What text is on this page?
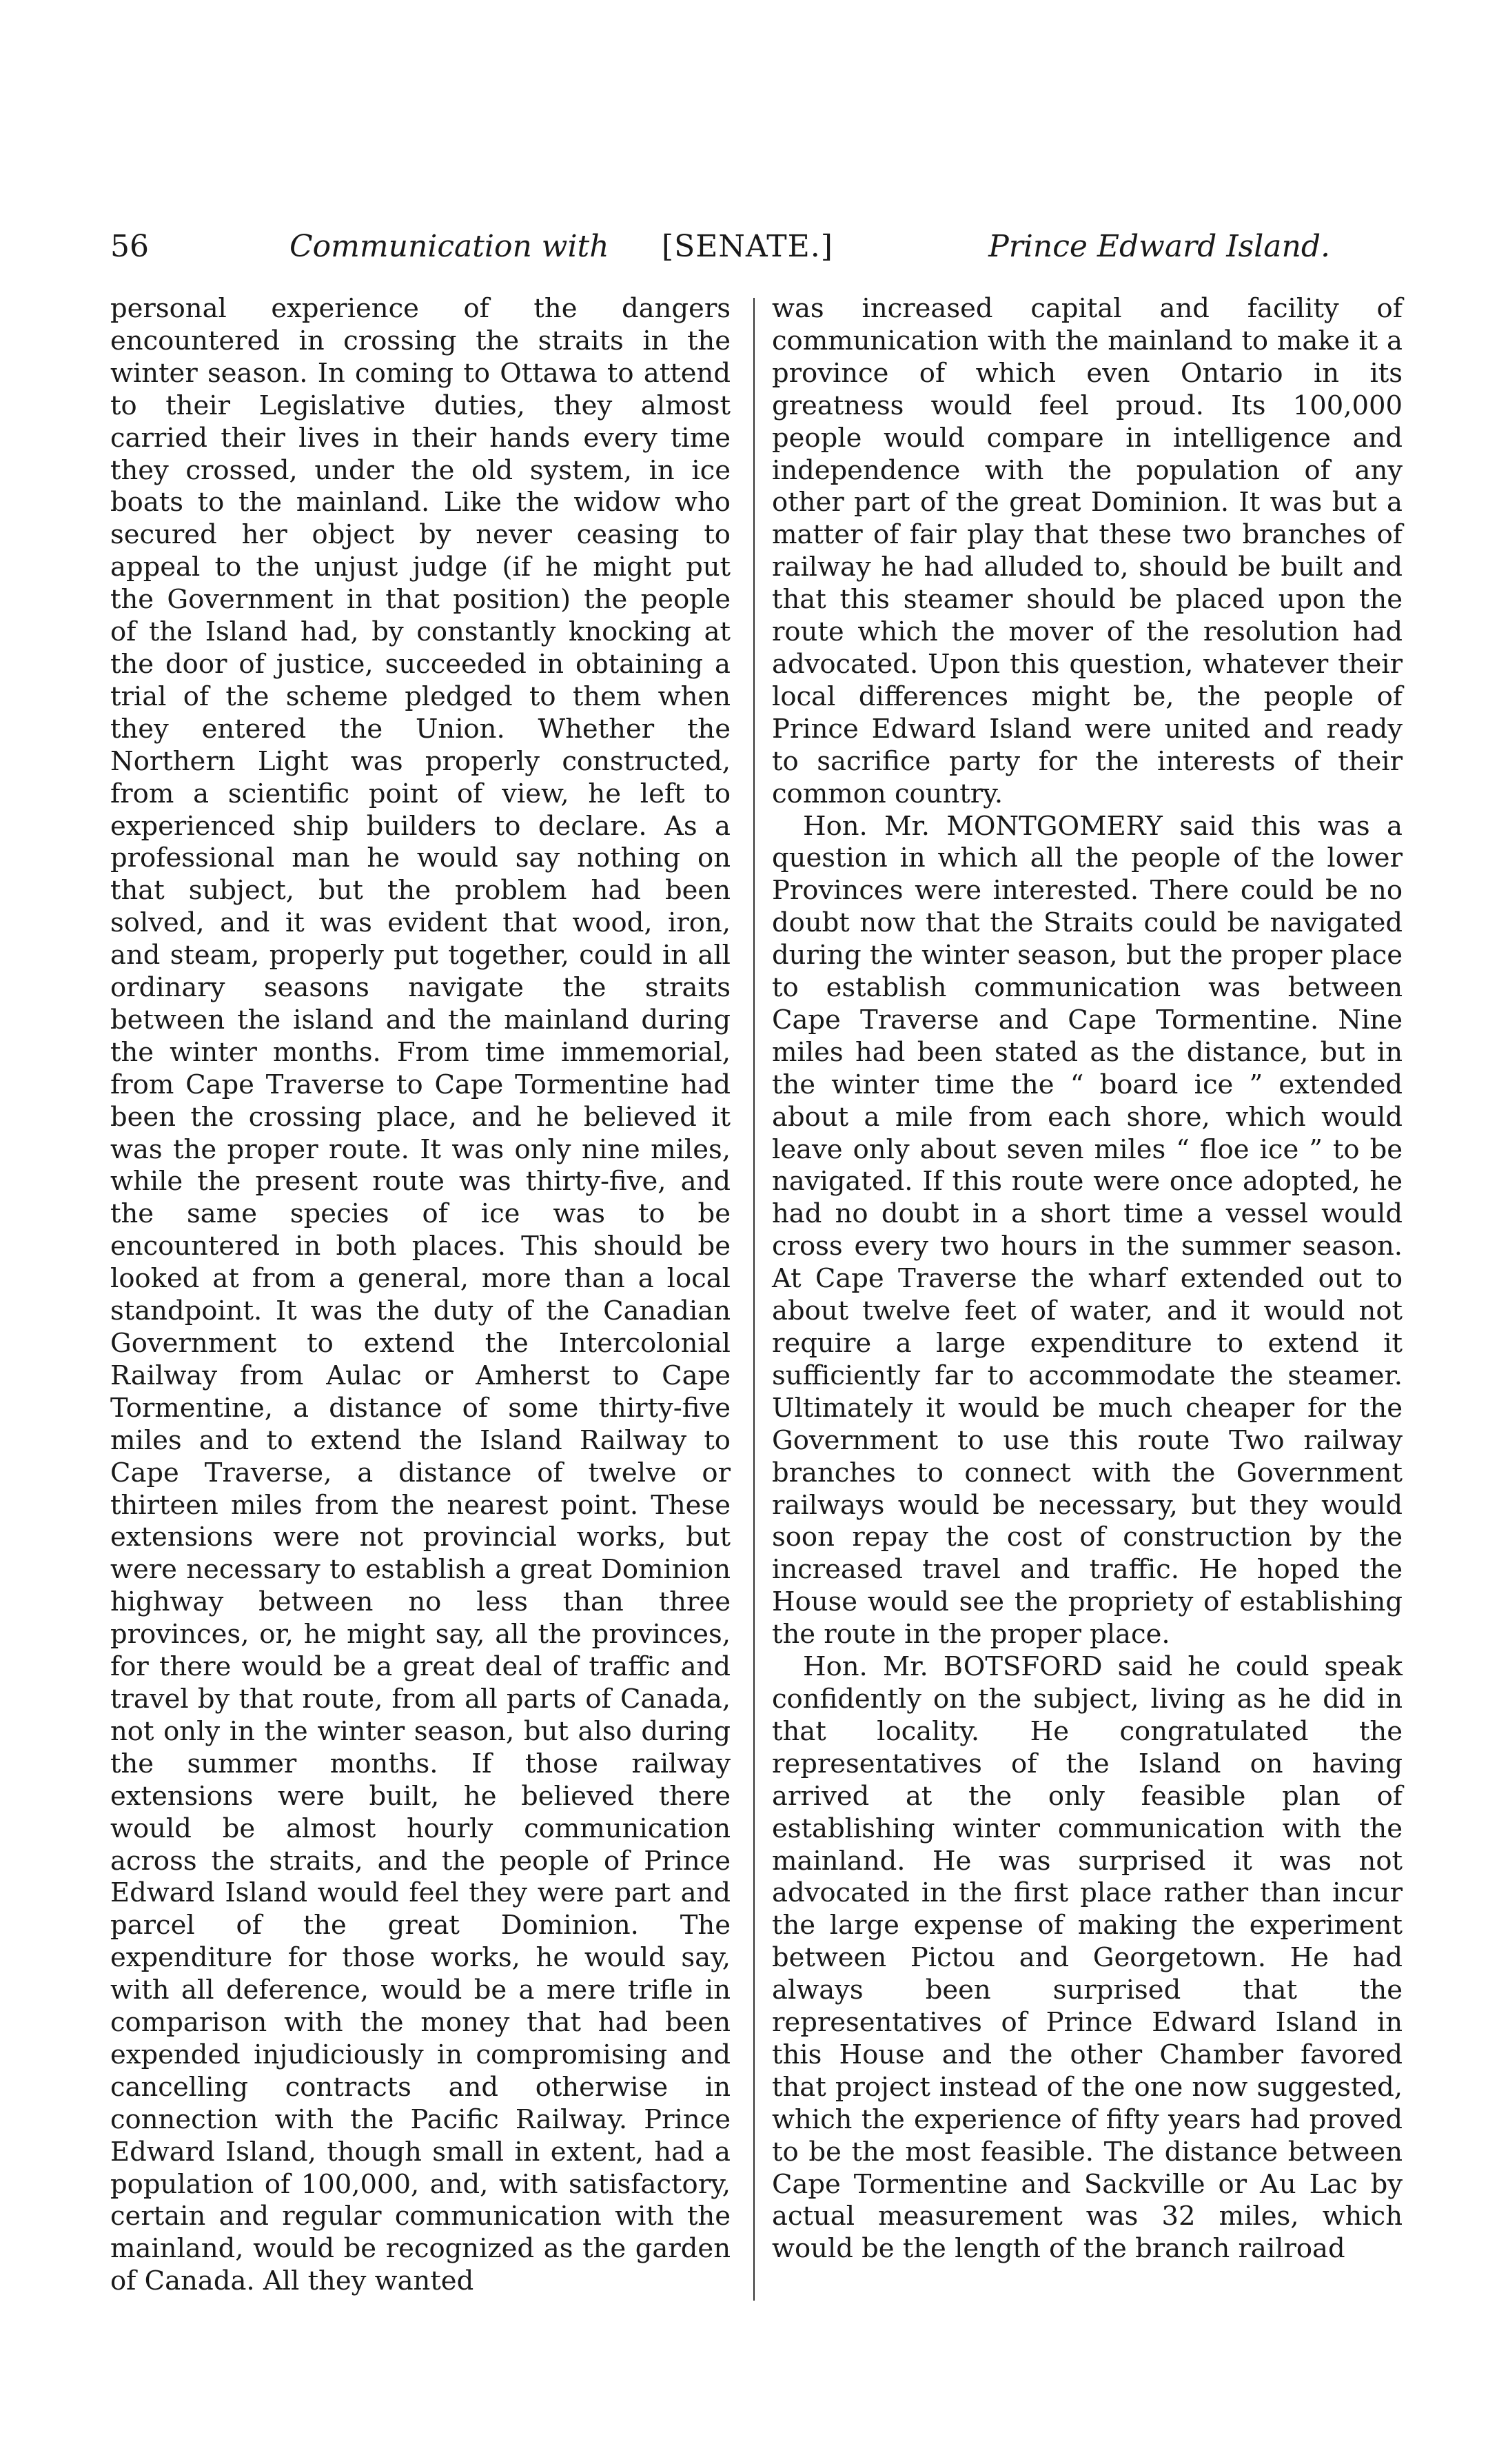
56	Communication with [SENATE.]	Prince Edward Island.

personal experience of the dangers encountered in crossing the straits in the winter season. In coming to Ottawa to attend to their Legislative duties, they almost carried their lives in their hands every time they crossed, under the old system, in ice boats to the mainland. Like the widow who secured her object by never ceasing to appeal to the unjust judge (if he might put the Government in that position) the people of the Island had, by constantly knocking at the door of justice, succeeded in obtaining a trial of the scheme pledged to them when they entered the Union. Whether the Northern Light was properly constructed, from a scientific point of view, he left to experienced ship builders to declare. As a professional man he would say nothing on that subject, but the problem had been solved, and it was evident that wood, iron, and steam, properly put together, could in all ordinary seasons navigate the straits between the island and the mainland during the winter months. From time immemorial, from Cape Traverse to Cape Tormentine had been the crossing place, and he believed it was the proper route. It was only nine miles, while the present route was thirty-five, and the same species of ice was to be encountered in both places. This should be looked at from a general, more than a local standpoint. It was the duty of the Canadian Government to extend the Intercolonial Railway from Aulac or Amherst to Cape Tormentine, a distance of some thirty-five miles and to extend the Island Railway to Cape Traverse, a distance of twelve or thirteen miles from the nearest point. These extensions were not provincial works, but were necessary to establish a great Dominion highway between no less than three provinces, or, he might say, all the provinces, for there would be a great deal of traffic and travel by that route, from all parts of Canada, not only in the winter season, but also during the summer months. If those railway extensions were built, he believed there would be almost hourly communication across the straits, and the people of Prince Edward Island would feel they were part and parcel of the great Dominion. The expenditure for those works, he would say, with all deference, would be a mere trifle in comparison with the money that had been expended injudiciously in compromising and cancelling contracts and otherwise in connection with the Pacific Railway. Prince Edward Island, though small in extent, had a population of 100,000, and, with satisfactory, certain and regular communication with the mainland, would be recognized as the garden of Canada. All they wanted

was increased capital and facility of communication with the mainland to make it a province of which even Ontario in its greatness would feel proud. Its 100,000 people would compare in intelligence and independence with the population of any other part of the great Dominion. It was but a matter of fair play that these two branches of railway he had alluded to, should be built and that this steamer should be placed upon the route which the mover of the resolution had advocated. Upon this question, whatever their local differences might be, the people of Prince Edward Island were united and ready to sacrifice party for the interests of their common country.

Hon. Mr. MONTGOMERY said this was a question in which all the people of the lower Provinces were interested. There could be no doubt now that the Straits could be navigated during the winter season, but the proper place to establish communication was between Cape Traverse and Cape Tormentine. Nine miles had been stated as the distance, but in the winter time the “ board ice ” extended about a mile from each shore, which would leave only about seven miles “ floe ice ” to be navigated. If this route were once adopted, he had no doubt in a short time a vessel would cross every two hours in the summer season. At Cape Traverse the wharf extended out to about twelve feet of water, and it would not require a large expenditure to extend it sufficiently far to accommodate the steamer. Ultimately it would be much cheaper for the Government to use this route Two railway branches to connect with the Government railways would be necessary, but they would soon repay the cost of construction by the increased travel and traffic. He hoped the House would see the propriety of establishing the route in the proper place.

Hon. Mr. BOTSFORD said he could speak confidently on the subject, living as he did in that locality. He congratulated the representatives of the Island on having arrived at the only feasible plan of establishing winter communication with the mainland. He was surprised it was not advocated in the first place rather than incur the large expense of making the experiment between Pictou and Georgetown. He had always been surprised that the representatives of Prince Edward Island in this House and the other Chamber favored that project instead of the one now suggested, which the experience of fifty years had proved to be the most feasible. The distance between Cape Tormentine and Sackville or Au Lac by actual measurement was 32 miles, which would be the length of the branch railroad
